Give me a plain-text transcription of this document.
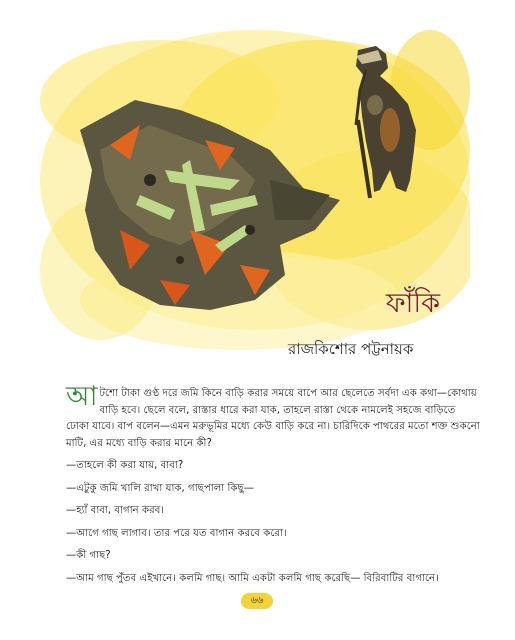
ফাঁকি
রাজকিশোর পট্টনায়ক

আটশো টাকা গুণ্ঠ দরে জমি কিনে বাড়ি করার সময়ে বাপে আর ছেলেতে সর্বদা এক কথা—কোথায় বাড়ি হবে। ছেলে বলে, রাস্তার ধারে করা যাক, তাহলে রাস্তা থেকে নামলেই সহজে বাড়িতে ঢোকা যাবে। বাপ বলেন—এমন মরুভূমির মধ্যে কেউ বাড়ি করে না। চারিদিকে পাথরের মতো শক্ত শুকনো মাটি, এর মধ্যে বাড়ি করার মানে কী?

—তাহলে কী করা যায়, বাবা?

—এটুকু জমি খালি রাখা যাক, গাছপালা কিছু—

—হ্যাঁ বাবা, বাগান করব।

—আগে গাছ লাগাব। তার পরে যত বাগান করবে করো।

—কী গাছ?

—আম গাছ পুঁতব এইখানে। কলমি গাছ। আমি একটা কলমি গাছ করেছি— বিরিবাটির বাগানে।

৬৬
